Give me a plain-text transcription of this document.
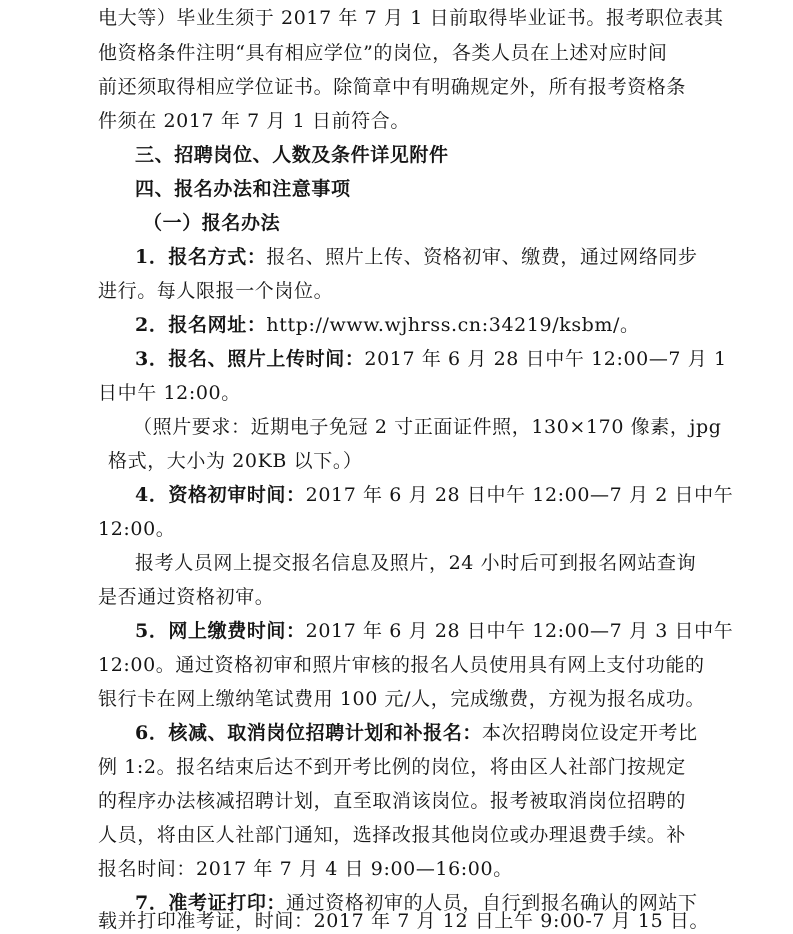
电大等）毕业生须于 2017 年 7 月 1 日前取得毕业证书。报考职位表其
他资格条件注明“具有相应学位”的岗位，各类人员在上述对应时间
前还须取得相应学位证书。除简章中有明确规定外，所有报考资格条
件须在 2017 年 7 月 1 日前符合。
三、招聘岗位、人数及条件详见附件
四、报名办法和注意事项
（一）报名办法
1．报名方式：报名、照片上传、资格初审、缴费，通过网络同步
进行。每人限报一个岗位。
2．报名网址：http://www.wjhrss.cn:34219/ksbm/。
3．报名、照片上传时间：2017 年 6 月 28 日中午 12:00—7 月 1
日中午 12:00。
（照片要求：近期电子免冠 2 寸正面证件照，130×170 像素，jpg
格式，大小为 20KB 以下。）
4．资格初审时间：2017 年 6 月 28 日中午 12:00—7 月 2 日中午
12:00。
报考人员网上提交报名信息及照片，24 小时后可到报名网站查询
是否通过资格初审。
5．网上缴费时间：2017 年 6 月 28 日中午 12:00—7 月 3 日中午
12:00。通过资格初审和照片审核的报名人员使用具有网上支付功能的
银行卡在网上缴纳笔试费用 100 元/人，完成缴费，方视为报名成功。
6．核减、取消岗位招聘计划和补报名：本次招聘岗位设定开考比
例 1:2。报名结束后达不到开考比例的岗位，将由区人社部门按规定
的程序办法核减招聘计划，直至取消该岗位。报考被取消岗位招聘的
人员，将由区人社部门通知，选择改报其他岗位或办理退费手续。补
报名时间：2017 年 7 月 4 日 9:00—16:00。
7．准考证打印：通过资格初审的人员，自行到报名确认的网站下
载并打印准考证，时间：2017 年 7 月 12 日上午 9:00-7 月 15 日。
